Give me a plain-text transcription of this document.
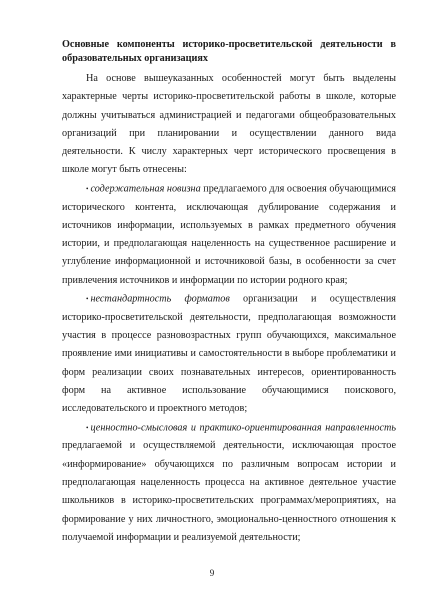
Основные компоненты историко-просветительской деятельности в образовательных организациях

На основе вышеуказанных особенностей могут быть выделены характерные черты историко-просветительской работы в школе, которые должны учитываться администрацией и педагогами общеобразовательных организаций при планировании и осуществлении данного вида деятельности. К числу характерных черт исторического просвещения в школе могут быть отнесены:

• содержательная новизна предлагаемого для освоения обучающимися исторического контента, исключающая дублирование содержания и источников информации, используемых в рамках предметного обучения истории, и предполагающая нацеленность на существенное расширение и углубление информационной и источниковой базы, в особенности за счет привлечения источников и информации по истории родного края;

• нестандартность форматов организации и осуществления историко-просветительской деятельности, предполагающая возможности участия в процессе разновозрастных групп обучающихся, максимальное проявление ими инициативы и самостоятельности в выборе проблематики и форм реализации своих познавательных интересов, ориентированность форм на активное использование обучающимися поискового, исследовательского и проектного методов;

• ценностно-смысловая и практико-ориентированная направленность предлагаемой и осуществляемой деятельности, исключающая простое «информирование» обучающихся по различным вопросам истории и предполагающая нацеленность процесса на активное деятельное участие школьников в историко-просветительских программах/мероприятиях, на формирование у них личностного, эмоционально-ценностного отношения к получаемой информации и реализуемой деятельности;

9
